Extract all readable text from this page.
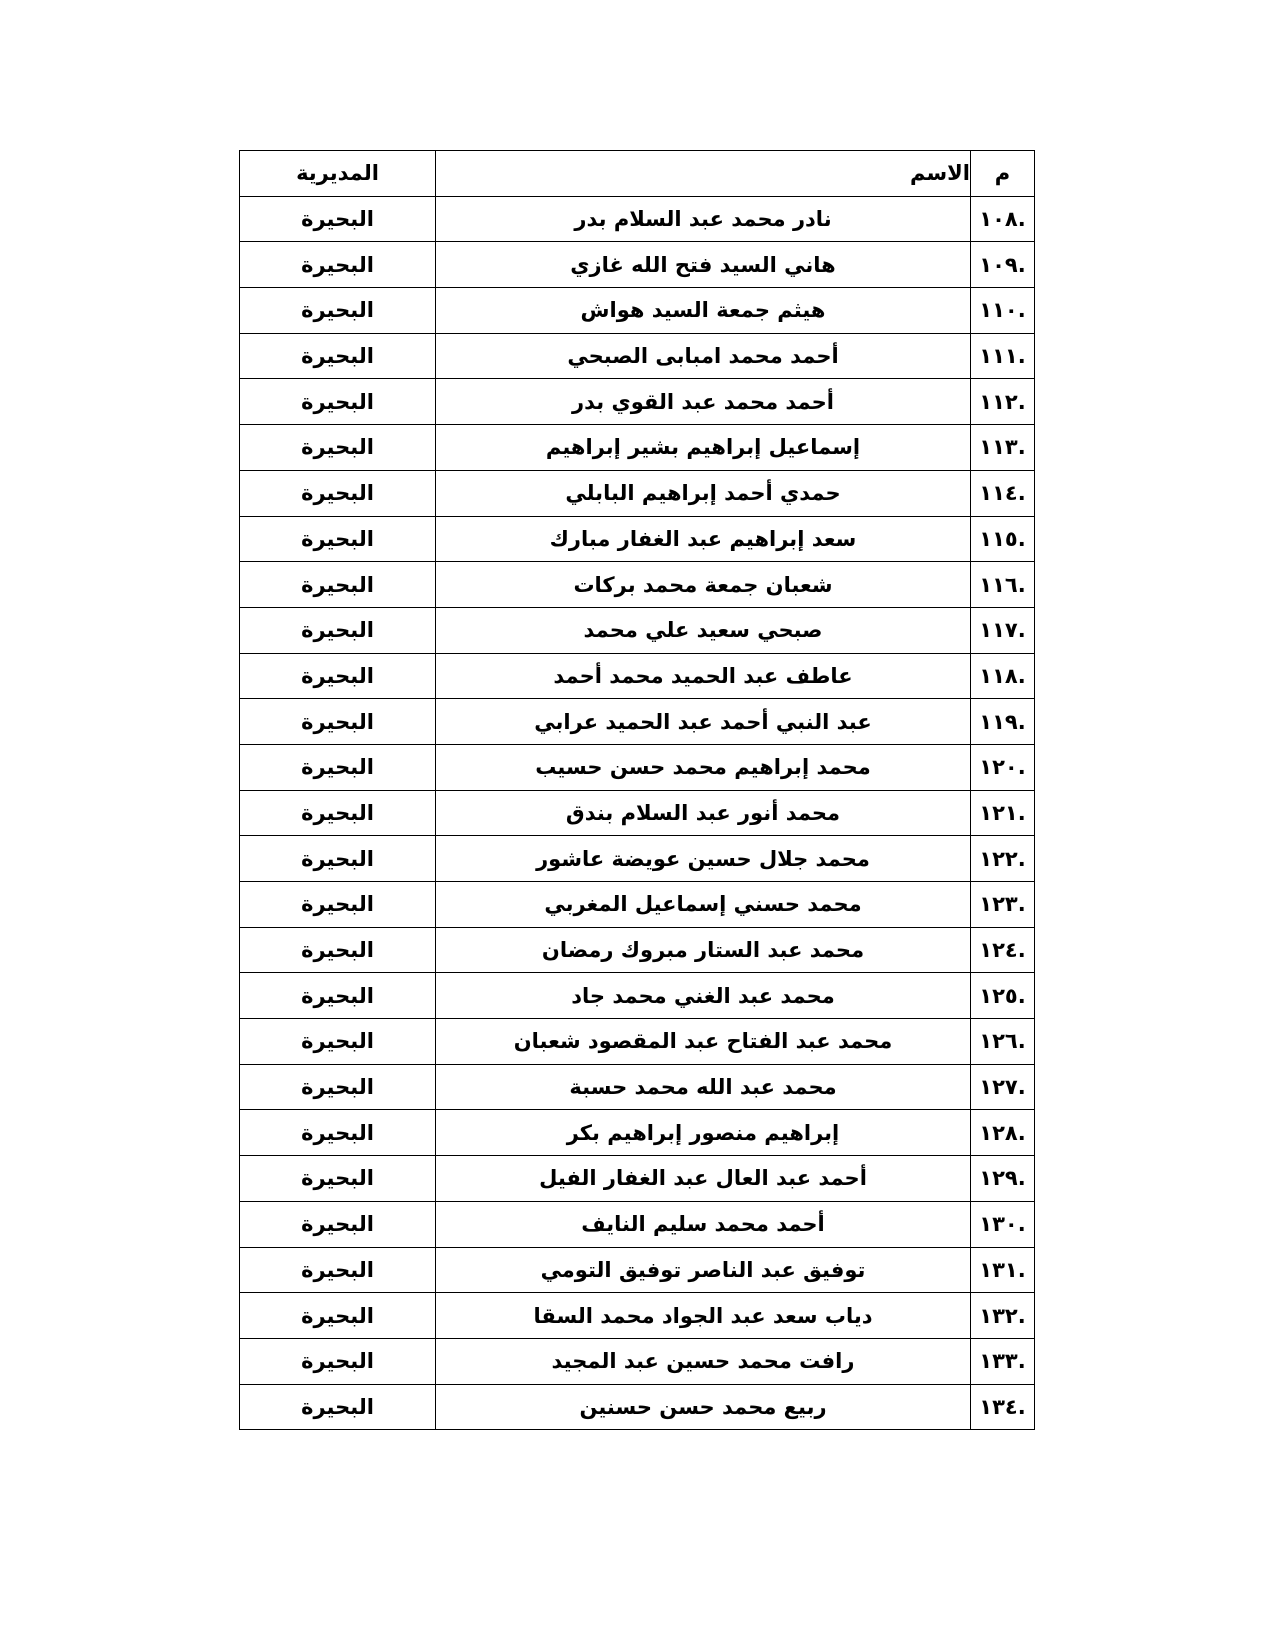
م	الاسم	المديرية
.١٠٨	نادر محمد عبد السلام بدر	البحيرة
.١٠٩	هاني السيد فتح الله غازي	البحيرة
.١١٠	هيثم جمعة السيد هواش	البحيرة
.١١١	أحمد محمد امبابى الصبحي	البحيرة
.١١٢	أحمد محمد عبد القوي بدر	البحيرة
.١١٣	إسماعيل إبراهيم بشير إبراهيم	البحيرة
.١١٤	حمدي أحمد إبراهيم البابلي	البحيرة
.١١٥	سعد إبراهيم عبد الغفار مبارك	البحيرة
.١١٦	شعبان جمعة محمد بركات	البحيرة
.١١٧	صبحي سعيد علي محمد	البحيرة
.١١٨	عاطف عبد الحميد محمد أحمد	البحيرة
.١١٩	عبد النبي أحمد عبد الحميد عرابي	البحيرة
.١٢٠	محمد إبراهيم محمد حسن حسيب	البحيرة
.١٢١	محمد أنور عبد السلام بندق	البحيرة
.١٢٢	محمد جلال حسين عويضة عاشور	البحيرة
.١٢٣	محمد حسني إسماعيل المغربي	البحيرة
.١٢٤	محمد عبد الستار مبروك رمضان	البحيرة
.١٢٥	محمد عبد الغني محمد جاد	البحيرة
.١٢٦	محمد عبد الفتاح عبد المقصود شعبان	البحيرة
.١٢٧	محمد عبد الله محمد حسبة	البحيرة
.١٢٨	إبراهيم منصور إبراهيم بكر	البحيرة
.١٢٩	أحمد عبد العال عبد الغفار الفيل	البحيرة
.١٣٠	أحمد محمد سليم النايف	البحيرة
.١٣١	توفيق عبد الناصر توفيق التومي	البحيرة
.١٣٢	دياب سعد عبد الجواد محمد السقا	البحيرة
.١٣٣	رافت محمد حسين عبد المجيد	البحيرة
.١٣٤	ربيع محمد حسن حسنين	البحيرة
